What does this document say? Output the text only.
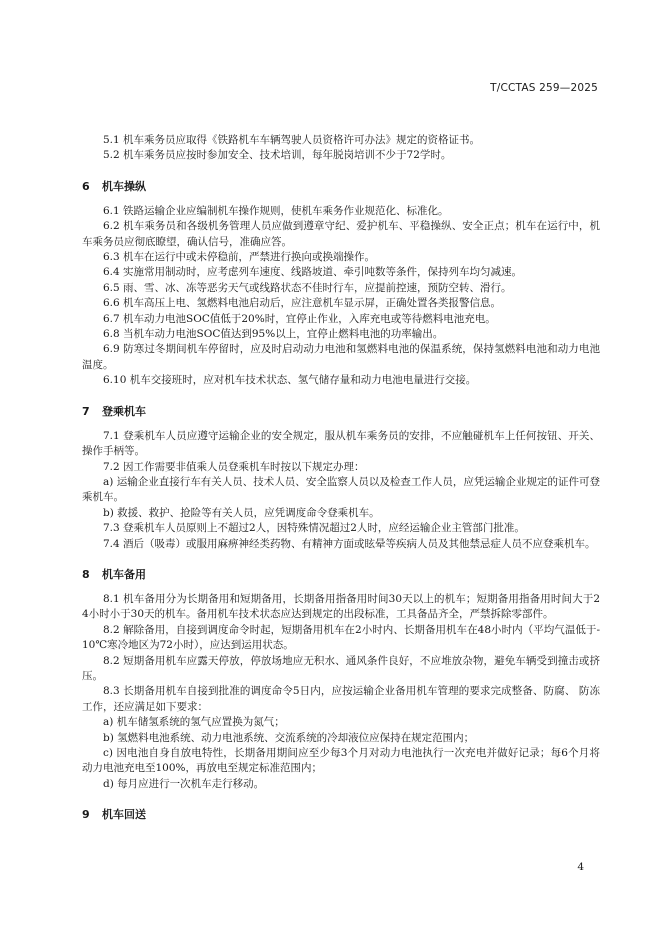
T/CCTAS 259—2025

5.1 机车乘务员应取得《铁路机车车辆驾驶人员资格许可办法》规定的资格证书。

5.2 机车乘务员应按时参加安全、技术培训，每年脱岗培训不少于72学时。

6 机车操纵

6.1 铁路运输企业应编制机车操作规则，使机车乘务作业规范化、标准化。

6.2 机车乘务员和各级机务管理人员应做到遵章守纪、爱护机车、平稳操纵、安全正点；机车在运行中，机车乘务员应彻底瞭望，确认信号，准确应答。

6.3 机车在运行中或未停稳前，严禁进行换向或换端操作。

6.4 实施常用制动时，应考虑列车速度、线路坡道、牵引吨数等条件，保持列车均匀减速。

6.5 雨、雪、冰、冻等恶劣天气或线路状态不佳时行车，应提前控速，预防空转、滑行。

6.6 机车高压上电、氢燃料电池启动后，应注意机车显示屏，正确处置各类报警信息。

6.7 机车动力电池SOC值低于20%时，宜停止作业，入库充电或等待燃料电池充电。

6.8 当机车动力电池SOC值达到95%以上，宜停止燃料电池的功率输出。

6.9 防寒过冬期间机车停留时，应及时启动动力电池和氢燃料电池的保温系统，保持氢燃料电池和动力电池温度。

6.10 机车交接班时，应对机车技术状态、氢气储存量和动力电池电量进行交接。

7 登乘机车

7.1 登乘机车人员应遵守运输企业的安全规定，服从机车乘务员的安排，不应触碰机车上任何按钮、开关、操作手柄等。

7.2 因工作需要非值乘人员登乘机车时按以下规定办理：

a) 运输企业直接行车有关人员、技术人员、安全监察人员以及检查工作人员，应凭运输企业规定的证件可登乘机车。

b) 救援、救护、抢险等有关人员，应凭调度命令登乘机车。

7.3 登乘机车人员原则上不超过2人，因特殊情况超过2人时，应经运输企业主管部门批准。

7.4 酒后（吸毒）或服用麻痹神经类药物、有精神方面或眩晕等疾病人员及其他禁忌症人员不应登乘机车。

8 机车备用

8.1 机车备用分为长期备用和短期备用，长期备用指备用时间30天以上的机车；短期备用指备用时间大于24小时小于30天的机车。备用机车技术状态应达到规定的出段标准，工具备品齐全，严禁拆除零部件。

8.2 解除备用，自接到调度命令时起，短期备用机车在2小时内、长期备用机车在48小时内（平均气温低于-10℃寒冷地区为72小时），应达到运用状态。

8.2 短期备用机车应露天停放，停放场地应无积水、通风条件良好，不应堆放杂物，避免车辆受到撞击或挤压。

8.3 长期备用机车自接到批准的调度命令5日内，应按运输企业备用机车管理的要求完成整备、防腐、 防冻工作，还应满足如下要求：

a) 机车储氢系统的氢气应置换为氮气；

b) 氢燃料电池系统、动力电池系统、交流系统的冷却液位应保持在规定范围内；

c) 因电池自身自放电特性，长期备用期间应至少每3个月对动力电池执行一次充电并做好记录；每6个月将动力电池充电至100%，再放电至规定标准范围内；

d) 每月应进行一次机车走行移动。

9 机车回送
4
